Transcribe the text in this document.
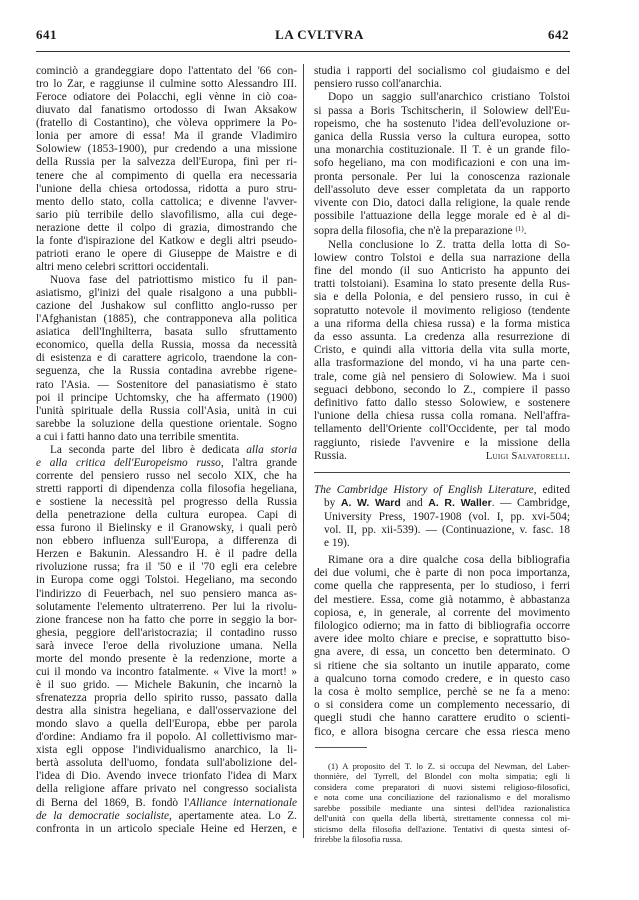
641	LA CVLTVRA	642
cominciò a grandeggiare dopo l'attentato del '66 con-
tro lo Zar, e raggiunse il culmine sotto Alessandro III.
Feroce odiatore dei Polacchi, egli vènne in ciò coa-
diuvato dal fanatismo ortodosso di Iwan Aksakow
(fratello di Costantino), che vòleva opprimere la Po-
lonia per amore di essa! Ma il grande Vladimiro
Solowiew (1853-1900), pur credendo a una missione
della Russia per la salvezza dell'Europa, finì per ri-
tenere che al compimento di quella era necessaria
l'unione della chiesa ortodossa, ridotta a puro stru-
mento dello stato, colla cattolica; e divenne l'avver-
sario più terribile dello slavofilismo, alla cui dege-
nerazione dette il colpo di grazia, dimostrando che
la fonte d'ispirazione del Katkow e degli altri pseudo-
patrioti erano le opere di Giuseppe de Maistre e di
altri meno celebri scrittori occidentali.
Nuova fase del patriottismo mistico fu il pan-
asiatismo, gl'inizi del quale risalgono a una pubbli-
cazione del Jushakow sul conflitto anglo-russo per
l'Afghanistan (1885), che contrapponeva alla politica
asiatica dell'Inghilterra, basata sullo sfruttamento
economico, quella della Russia, mossa da necessità
di esistenza e di carattere agricolo, traendone la con-
seguenza, che la Russia contadina avrebbe rigene-
rato l'Asia. — Sostenitore del panasiatismo è stato
poi il principe Uchtomsky, che ha affermato (1900)
l'unità spirituale della Russia coll'Asia, unità in cui
sarebbe la soluzione della questione orientale. Sogno
a cui i fatti hanno dato una terribile smentita.
La seconda parte del libro è dedicata alla storia
e alla critica dell'Europeismo russo, l'altra grande
corrente del pensiero russo nel secolo XIX, che ha
stretti rapporti di dipendenza colla filosofia hegeliana,
e sostiene la necessità pel progresso della Russia
della penetrazione della cultura europea. Capi di
essa furono il Bielinsky e il Granowsky, i quali però
non ebbero influenza sull'Europa, a differenza di
Herzen e Bakunin. Alessandro H. è il padre della
rivoluzione russa; fra il '50 e il '70 egli era celebre
in Europa come oggi Tolstoi. Hegeliano, ma secondo
l'indirizzo di Feuerbach, nel suo pensiero manca as-
solutamente l'elemento ultraterreno. Per lui la rivolu-
zione francese non ha fatto che porre in seggio la bor-
ghesia, peggiore dell'aristocrazia; il contadino russo
sarà invece l'eroe della rivoluzione umana. Nella
morte del mondo presente è la redenzione, morte a
cui il mondo va incontro fatalmente. « Vive la mort! »
è il suo grido. — Michele Bakunin, che incarnò la
sfrenatezza propria dello spirito russo, passato dalla
destra alla sinistra hegeliana, e dall'osservazione del
mondo slavo a quella dell'Europa, ebbe per parola
d'ordine: Andiamo fra il popolo. Al collettivismo mar-
xista egli oppose l'individualismo anarchico, la li-
bertà assoluta dell'uomo, fondata sull'abolizione del-
l'idea di Dio. Avendo invece trionfato l'idea di Marx
della religione affare privato nel congresso socialista
di Berna del 1869, B. fondò l'Alliance internationale
de la democratie socialiste, apertamente atea. Lo Z.
confronta in un articolo speciale Heine ed Herzen, e
studia i rapporti del socialismo col giudaismo e del
pensiero russo coll'anarchia.
Dopo un saggio sull'anarchico cristiano Tolstoi
si passa a Boris Tschitscherin, il Solowiew dell'Eu-
ropeismo, che ha sostenuto l'idea dell'evoluzione or-
ganica della Russia verso la cultura europea, sotto
una monarchia costituzionale. Il T. è un grande filo-
sofo hegeliano, ma con modificazioni e con una im-
pronta personale. Per lui la conoscenza razionale
dell'assoluto deve esser completata da un rapporto
vivente con Dio, datoci dalla religione, la quale rende
possibile l'attuazione della legge morale ed è al di-
sopra della filosofia, che n'è la preparazione $^{(1)}$.
Nella conclusione lo Z. tratta della lotta di So-
lowiew contro Tolstoi e della sua narrazione della
fine del mondo (il suo Anticristo ha appunto dei
tratti tolstoiani). Esamina lo stato presente della Rus-
sia e della Polonia, e del pensiero russo, in cui è
sopratutto notevole il movimento religioso (tendente
a una riforma della chiesa russa) e la forma mistica
da esso assunta. La credenza alla resurrezione di
Cristo, e quindi alla vittoria della vita sulla morte,
alla trasformazione del mondo, vi ha una parte cen-
trale, come già nel pensiero di Solowiew. Ma i suoi
seguaci debbono, secondo lo Z., compiere il passo
definitivo fatto dallo stesso Solowiew, e sostenere
l'unione della chiesa russa colla romana. Nell'affra-
tellamento dell'Oriente coll'Occidente, per tal modo
raggiunto, risiede l'avvenire e la missione della
Russia.	Luigi Salvatorelli.
The Cambridge History of English Literature, edited
by A. W. Ward and A. R. Waller. — Cambridge,
University Press, 1907-1908 (vol. I, pp. xvi-504;
vol. II, pp. xii-539). — (Continuazione, v. fasc. 18
e 19).
Rimane ora a dire qualche cosa della bibliografia
dei due volumi, che è parte di non poca importanza,
come quella che rappresenta, per lo studioso, i ferri
del mestiere. Essa, come già notammo, è abbastanza
copiosa, e, in generale, al corrente del movimento
filologico odierno; ma in fatto di bibliografia occorre
avere idee molto chiare e precise, e soprattutto biso-
gna avere, di essa, un concetto ben determinato. O
si ritiene che sia soltanto un inutile apparato, come
a qualcuno torna comodo credere, e in questo caso
la cosa è molto semplice, perchè se ne fa a meno:
o si considera come un complemento necessario, di
quegli studi che hanno carattere erudito o scienti-
fico, e allora bisogna cercare che essa riesca meno
(1) A proposito del T. lo Z. si occupa del Newman, del Laber-
thonnière, del Tyrrell, del Blondel con molta simpatia; egli li
considera come preparatori di nuovi sistemi religioso-filosofici,
e nota come una conciliazione del razionalismo e del moralismo
sarebbe possibile mediante una sintesi dell'idea razionalistica
dell'unità con quella della libertà, strettamente connessa col mi-
sticismo della filosofia dell'azione. Tentativi di questa sintesi of-
frirebbe la filosofia russa.
